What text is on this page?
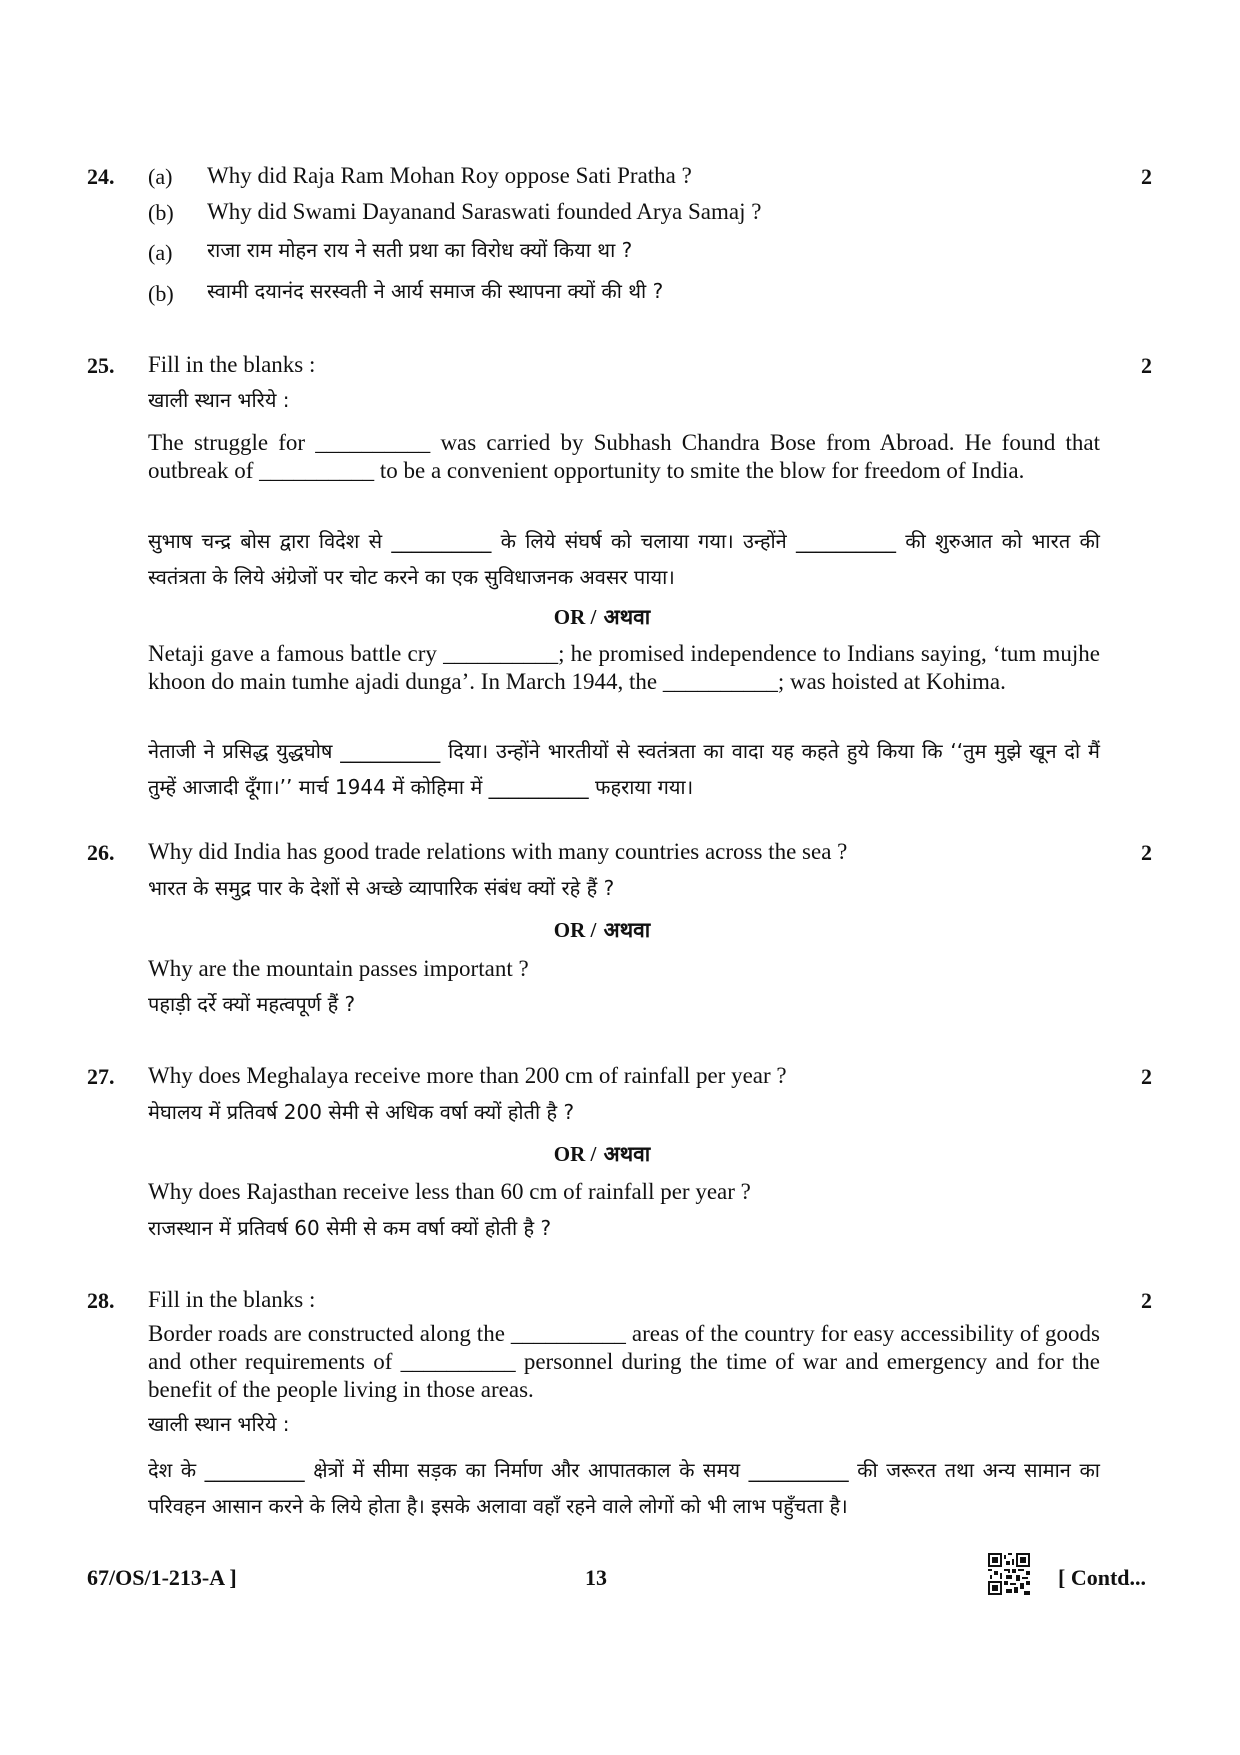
24. (a) Why did Raja Ram Mohan Roy oppose Sati Pratha ?	2
(b) Why did Swami Dayanand Saraswati founded Arya Samaj ?
(a) राजा राम मोहन राय ने सती प्रथा का विरोध क्यों किया था ?
(b) स्वामी दयानंद सरस्वती ने आर्य समाज की स्थापना क्यों की थी ?
25. Fill in the blanks :	2
खाली स्थान भरिये :
The struggle for __________ was carried by Subhash Chandra Bose from Abroad. He found that outbreak of __________ to be a convenient opportunity to smite the blow for freedom of India.
सुभाष चन्द्र बोस द्वारा विदेश से __________ के लिये संघर्ष को चलाया गया। उन्होंने __________ की शुरुआत को भारत की स्वतंत्रता के लिये अंग्रेजों पर चोट करने का एक सुविधाजनक अवसर पाया।
OR / अथवा
Netaji gave a famous battle cry __________; he promised independence to Indians saying, ‘tum mujhe khoon do main tumhe ajadi dunga’. In March 1944, the __________; was hoisted at Kohima.
नेताजी ने प्रसिद्ध युद्धघोष __________ दिया। उन्होंने भारतीयों से स्वतंत्रता का वादा यह कहते हुये किया कि ‘‘तुम मुझे खून दो मैं तुम्हें आजादी दूँगा।’’ मार्च 1944 में कोहिमा में __________ फहराया गया।
26. Why did India has good trade relations with many countries across the sea ?	2
भारत के समुद्र पार के देशों से अच्छे व्यापारिक संबंध क्यों रहे हैं ?
OR / अथवा
Why are the mountain passes important ?
पहाड़ी दर्रे क्यों महत्वपूर्ण हैं ?
27. Why does Meghalaya receive more than 200 cm of rainfall per year ?	2
मेघालय में प्रतिवर्ष 200 सेमी से अधिक वर्षा क्यों होती है ?
OR / अथवा
Why does Rajasthan receive less than 60 cm of rainfall per year ?
राजस्थान में प्रतिवर्ष 60 सेमी से कम वर्षा क्यों होती है ?
28. Fill in the blanks :	2
Border roads are constructed along the __________ areas of the country for easy accessibility of goods and other requirements of __________ personnel during the time of war and emergency and for the benefit of the people living in those areas.
खाली स्थान भरिये :
देश के __________ क्षेत्रों में सीमा सड़क का निर्माण और आपातकाल के समय __________ की जरूरत तथा अन्य सामान का परिवहन आसान करने के लिये होता है। इसके अलावा वहाँ रहने वाले लोगों को भी लाभ पहुँचता है।
67/OS/1-213-A ]	13	[ Contd...
